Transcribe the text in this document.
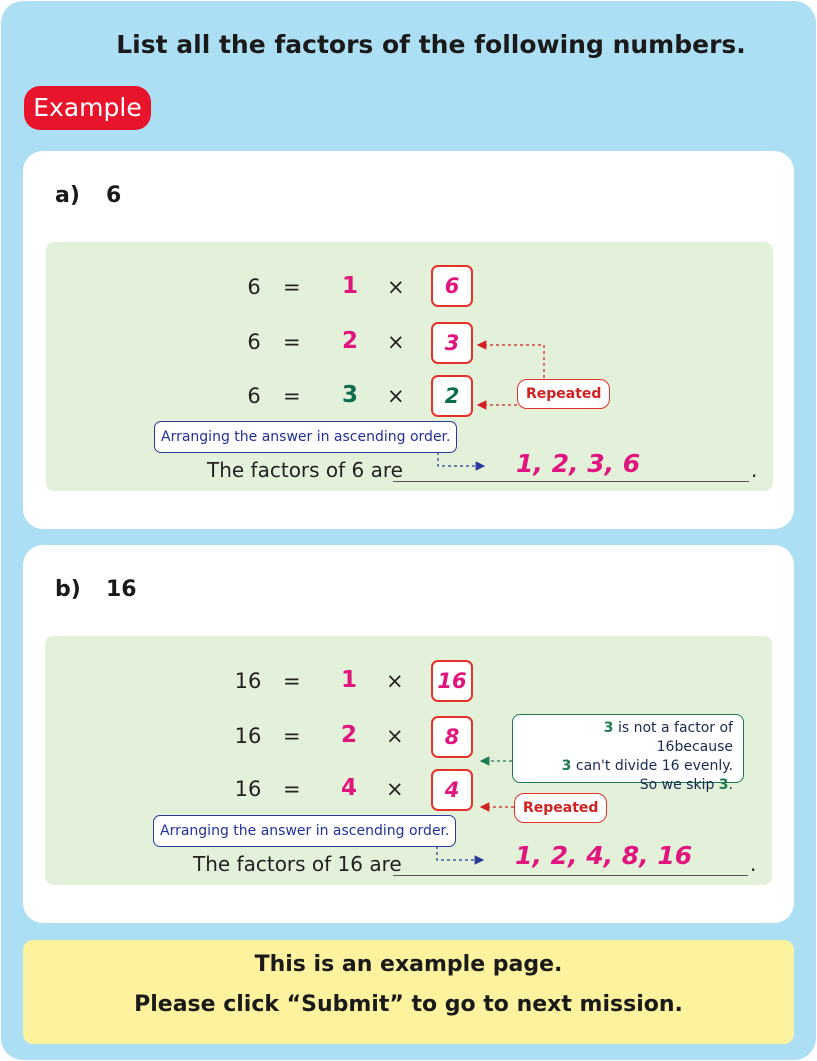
List all the factors of the following numbers.
Example
a) 6
6	=	1	×	6
6	=	2	×	3
6	=	3	×	2	Repeated
Arranging the answer in ascending order.
The factors of 6 are	1, 2, 3, 6	.
b) 16
16	=	1	×	16
16	=	2	×	8
16	=	4	×	4
3 is not a factor of 16because
3 can't divide 16 evenly.
So we skip 3.
Repeated
Arranging the answer in ascending order.
The factors of 16 are	1, 2, 4, 8, 16	.
This is an example page.
Please click “Submit” to go to next mission.
